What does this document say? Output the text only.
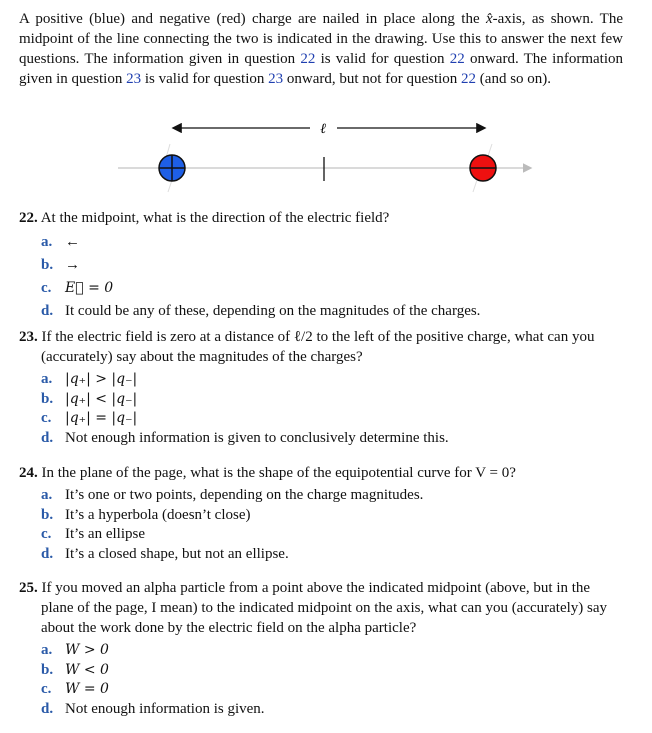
A positive (blue) and negative (red) charge are nailed in place along the x̂-axis, as shown. The midpoint of the line connecting the two is indicated in the drawing. Use this to answer the next few questions. The information given in question 22 is valid for question 22 onward. The information given in question 23 is valid for question 23 onward, but not for question 22 (and so on).
ℓ
22. At the midpoint, what is the direction of the electric field?
a. ←
b. →
c. E⃗ = 0
d. It could be any of these, depending on the magnitudes of the charges.
23. If the electric field is zero at a distance of ℓ/2 to the left of the positive charge, what can you (accurately) say about the magnitudes of the charges?
a. |q₊| > |q₋|
b. |q₊| < |q₋|
c. |q₊| = |q₋|
d. Not enough information is given to conclusively determine this.
24. In the plane of the page, what is the shape of the equipotential curve for V = 0?
a. It’s one or two points, depending on the charge magnitudes.
b. It’s a hyperbola (doesn’t close)
c. It’s an ellipse
d. It’s a closed shape, but not an ellipse.
25. If you moved an alpha particle from a point above the indicated midpoint (above, but in the plane of the page, I mean) to the indicated midpoint on the axis, what can you (accurately) say about the work done by the electric field on the alpha particle?
a. W > 0
b. W < 0
c. W = 0
d. Not enough information is given.
